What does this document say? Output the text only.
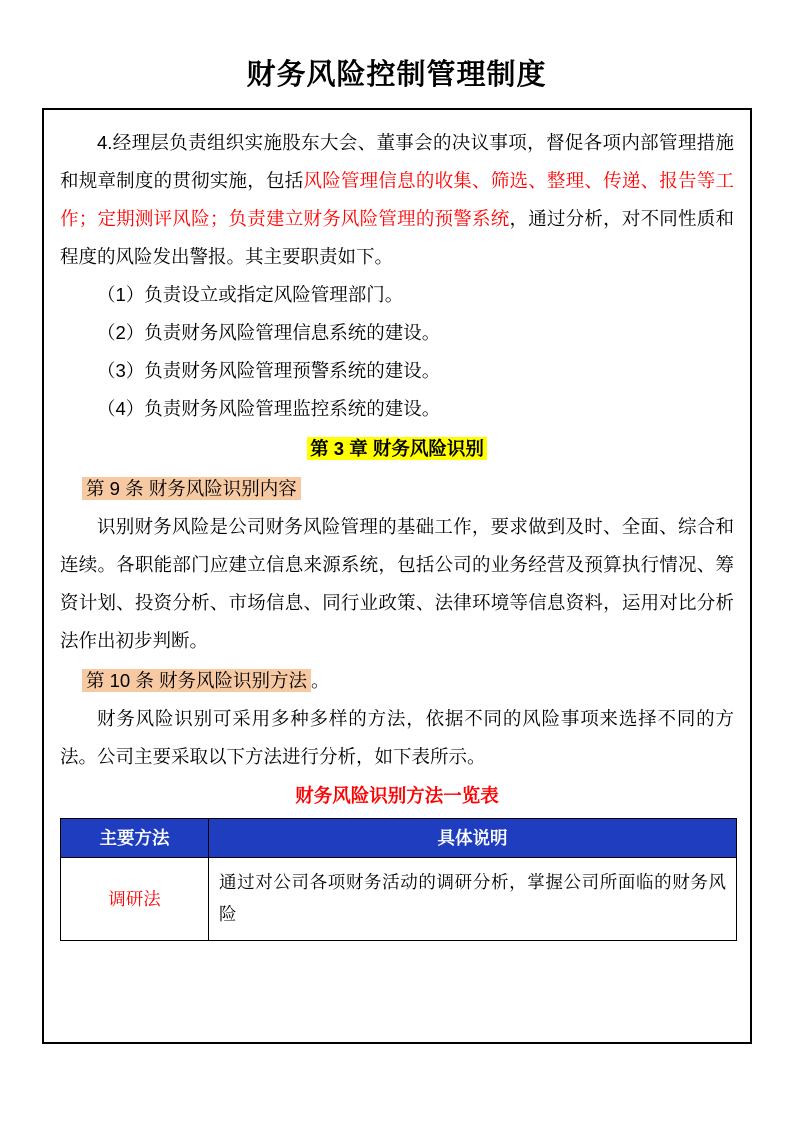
财务风险控制管理制度

4.经理层负责组织实施股东大会、董事会的决议事项，督促各项内部管理措施和规章制度的贯彻实施，包括风险管理信息的收集、筛选、整理、传递、报告等工作；定期测评风险；负责建立财务风险管理的预警系统，通过分析，对不同性质和程度的风险发出警报。其主要职责如下。

（1）负责设立或指定风险管理部门。

（2）负责财务风险管理信息系统的建设。

（3）负责财务风险管理预警系统的建设。

（4）负责财务风险管理监控系统的建设。

第 3 章 财务风险识别

第 9 条 财务风险识别内容

识别财务风险是公司财务风险管理的基础工作，要求做到及时、全面、综合和连续。各职能部门应建立信息来源系统，包括公司的业务经营及预算执行情况、筹资计划、投资分析、市场信息、同行业政策、法律环境等信息资料，运用对比分析法作出初步判断。

第 10 条 财务风险识别方法 。

财务风险识别可采用多种多样的方法，依据不同的风险事项来选择不同的方法。公司主要采取以下方法进行分析，如下表所示。

财务风险识别方法一览表

主要方法	具体说明
调研法	通过对公司各项财务活动的调研分析，掌握公司所面临的财务风险
